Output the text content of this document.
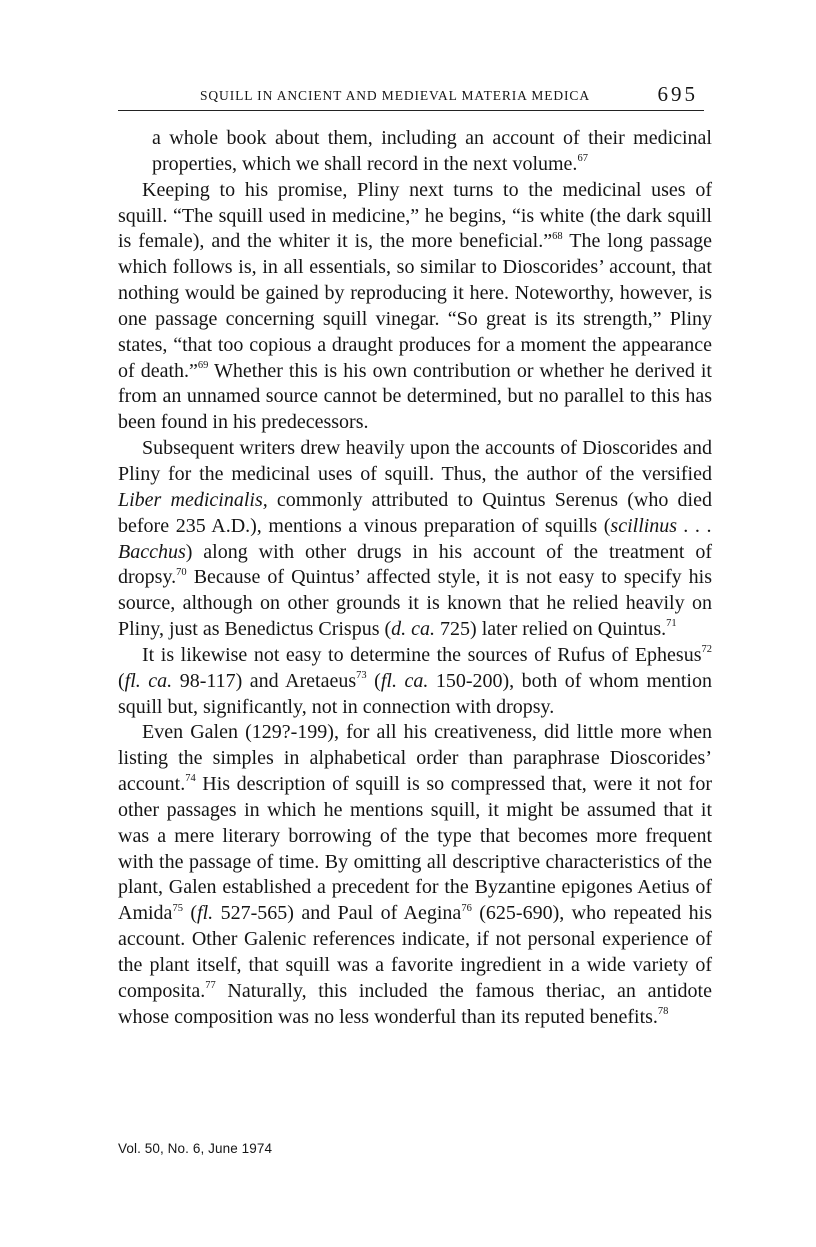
SQUILL IN ANCIENT AND MEDIEVAL MATERIA MEDICA	695

a whole book about them, including an account of their medicinal properties, which we shall record in the next volume.$^{67}$

Keeping to his promise, Pliny next turns to the medicinal uses of squill. “The squill used in medicine,” he begins, “is white (the dark squill is female), and the whiter it is, the more beneficial.”$^{68}$ The long passage which follows is, in all essentials, so similar to Dioscorides’ account, that nothing would be gained by reproducing it here. Noteworthy, however, is one passage concerning squill vinegar. “So great is its strength,” Pliny states, “that too copious a draught produces for a moment the appearance of death.”$^{69}$ Whether this is his own contribution or whether he derived it from an unnamed source cannot be determined, but no parallel to this has been found in his predecessors.

Subsequent writers drew heavily upon the accounts of Dioscorides and Pliny for the medicinal uses of squill. Thus, the author of the versified Liber medicinalis, commonly attributed to Quintus Serenus (who died before 235 A.D.), mentions a vinous preparation of squills (scillinus . . . Bacchus) along with other drugs in his account of the treatment of dropsy.$^{70}$ Because of Quintus’ affected style, it is not easy to specify his source, although on other grounds it is known that he relied heavily on Pliny, just as Benedictus Crispus (d. ca. 725) later relied on Quintus.$^{71}$

It is likewise not easy to determine the sources of Rufus of Ephesus$^{72}$ (fl. ca. 98-117) and Aretaeus$^{73}$ (fl. ca. 150-200), both of whom mention squill but, significantly, not in connection with dropsy.

Even Galen (129?-199), for all his creativeness, did little more when listing the simples in alphabetical order than paraphrase Dioscorides’ account.$^{74}$ His description of squill is so compressed that, were it not for other passages in which he mentions squill, it might be assumed that it was a mere literary borrowing of the type that becomes more frequent with the passage of time. By omitting all descriptive characteristics of the plant, Galen established a precedent for the Byzantine epigones Aetius of Amida$^{75}$ (fl. 527-565) and Paul of Aegina$^{76}$ (625-690), who repeated his account. Other Galenic references indicate, if not personal experience of the plant itself, that squill was a favorite ingredient in a wide variety of composita.$^{77}$ Naturally, this included the famous theriac, an antidote whose composition was no less wonderful than its reputed benefits.$^{78}$

Vol. 50, No. 6, June 1974
